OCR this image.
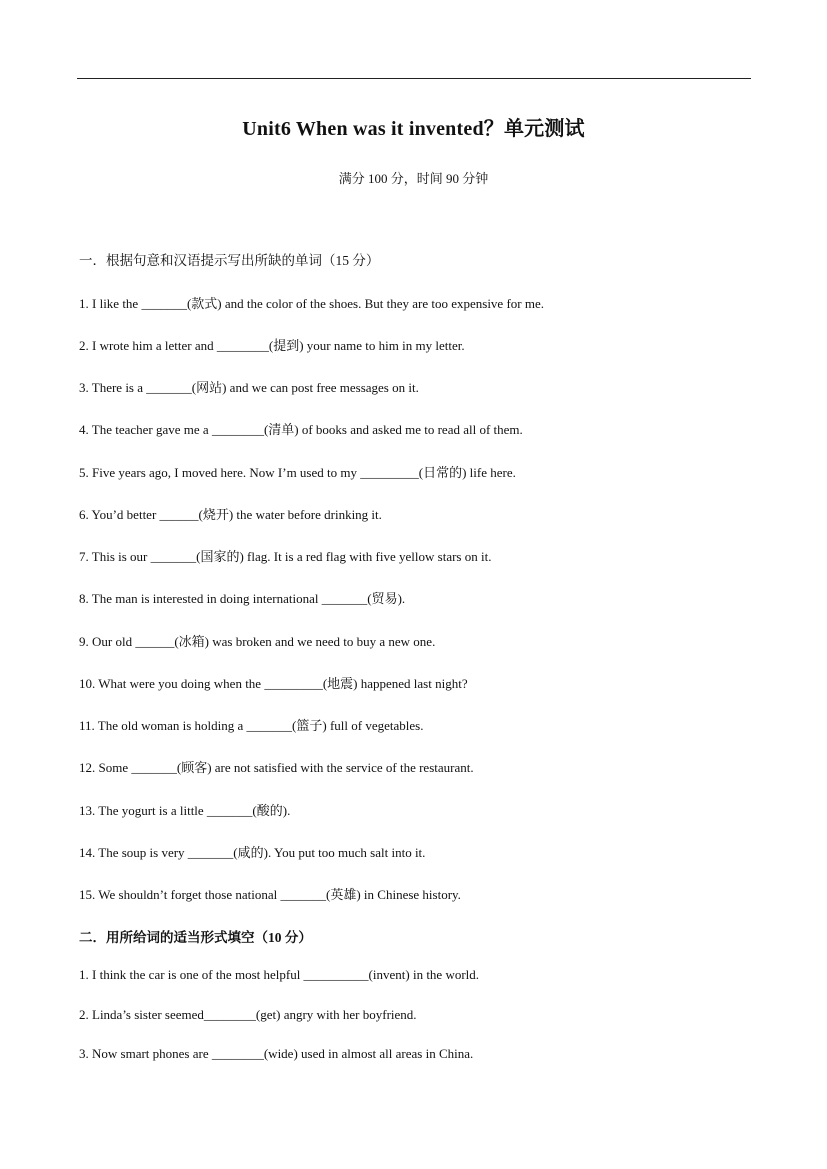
Unit6 When was it invented？单元测试
满分 100 分，时间 90 分钟
一．根据句意和汉语提示写出所缺的单词（15 分）
1. I like the _______(款式) and the color of the shoes. But they are too expensive for me.
2. I wrote him a letter and ________(提到) your name to him in my letter.
3. There is a _______(网站) and we can post free messages on it.
4. The teacher gave me a ________(清单) of books and asked me to read all of them.
5. Five years ago, I moved here. Now I’m used to my _________(日常的) life here.
6. You’d better ______(烧开) the water before drinking it.
7. This is our _______(国家的) flag. It is a red flag with five yellow stars on it.
8. The man is interested in doing international _______(贸易).
9. Our old ______(冰箱) was broken and we need to buy a new one.
10. What were you doing when the _________(地震) happened last night?
11. The old woman is holding a _______(篮子) full of vegetables.
12. Some _______(顾客) are not satisfied with the service of the restaurant.
13. The yogurt is a little _______(酸的).
14. The soup is very _______(咸的). You put too much salt into it.
15. We shouldn’t forget those national _______(英雄) in Chinese history.
二．用所给词的适当形式填空（10 分）
1. I think the car is one of the most helpful __________(invent) in the world.
2. Linda’s sister seemed________(get) angry with her boyfriend.
3. Now smart phones are ________(wide) used in almost all areas in China.
